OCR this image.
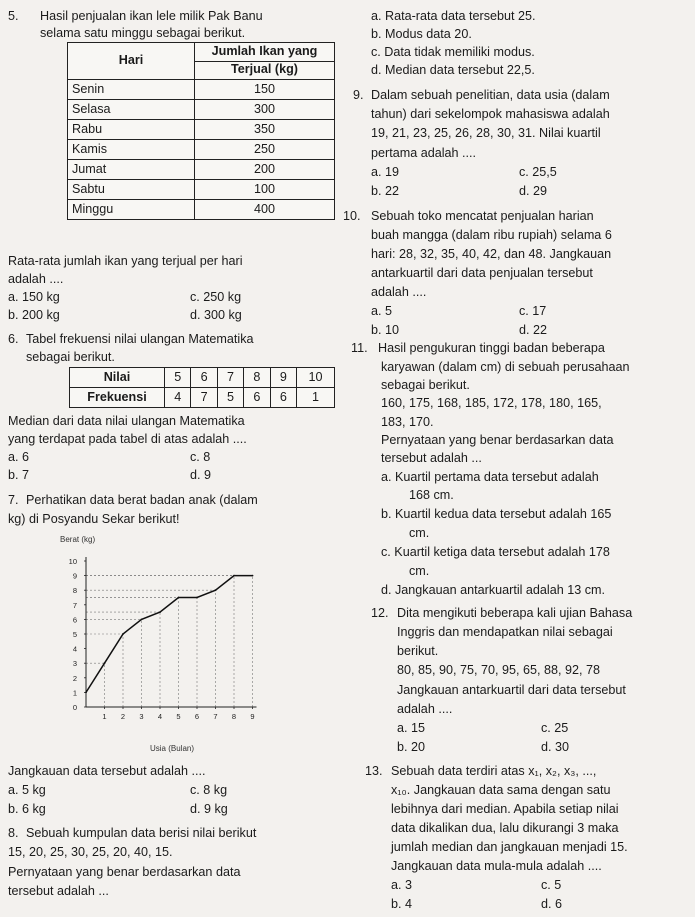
5. Hasil penjualan ikan lele milik Pak Banu
selama satu minggu sebagai berikut.
Hari	Jumlah Ikan yang
	Terjual (kg)
Senin	150
Selasa	300
Rabu	350
Kamis	250
Jumat	200
Sabtu	100
Minggu	400
Rata-rata jumlah ikan yang terjual per hari
adalah ....
a. 150 kg	c. 250 kg
b. 200 kg	d. 300 kg
6. Tabel frekuensi nilai ulangan Matematika
sebagai berikut.
Nilai	5	6	7	8	9	10
Frekuensi	4	7	5	6	6	1
Median dari data nilai ulangan Matematika
yang terdapat pada tabel di atas adalah ....
a. 6	c. 8
b. 7	d. 9
7. Perhatikan data berat badan anak (dalam
kg) di Posyandu Sekar berikut!
Berat (kg)
Usia (Bulan)
0
1
2
3
4
5
6
7
8
9
10
1 2 3 4 5 6 7 8 9
Jangkauan data tersebut adalah ....
a. 5 kg	c. 8 kg
b. 6 kg	d. 9 kg
8. Sebuah kumpulan data berisi nilai berikut
15, 20, 25, 30, 25, 20, 40, 15.
Pernyataan yang benar berdasarkan data
tersebut adalah ...
a. Rata-rata data tersebut 25.
b. Modus data 20.
c. Data tidak memiliki modus.
d. Median data tersebut 22,5.
9. Dalam sebuah penelitian, data usia (dalam
tahun) dari sekelompok mahasiswa adalah
19, 21, 23, 25, 26, 28, 30, 31. Nilai kuartil
pertama adalah ....
a. 19	c. 25,5
b. 22	d. 29
10. Sebuah toko mencatat penjualan harian
buah mangga (dalam ribu rupiah) selama 6
hari: 28, 32, 35, 40, 42, dan 48. Jangkauan
antarkuartil dari data penjualan tersebut
adalah ....
a. 5	c. 17
b. 10	d. 22
11. Hasil pengukuran tinggi badan beberapa
karyawan (dalam cm) di sebuah perusahaan
sebagai berikut.
160, 175, 168, 185, 172, 178, 180, 165,
183, 170.
Pernyataan yang benar berdasarkan data
tersebut adalah ...
a. Kuartil pertama data tersebut adalah
168 cm.
b. Kuartil kedua data tersebut adalah 165
cm.
c. Kuartil ketiga data tersebut adalah 178
cm.
d. Jangkauan antarkuartil adalah 13 cm.
12. Dita mengikuti beberapa kali ujian Bahasa
Inggris dan mendapatkan nilai sebagai
berikut.
80, 85, 90, 75, 70, 95, 65, 88, 92, 78
Jangkauan antarkuartil dari data tersebut
adalah ....
a. 15	c. 25
b. 20	d. 30
13. Sebuah data terdiri atas x₁, x₂, x₃, ...,
x₁₀. Jangkauan data sama dengan satu
lebihnya dari median. Apabila setiap nilai
data dikalikan dua, lalu dikurangi 3 maka
jumlah median dan jangkauan menjadi 15.
Jangkauan data mula-mula adalah ....
a. 3	c. 5
b. 4	d. 6
